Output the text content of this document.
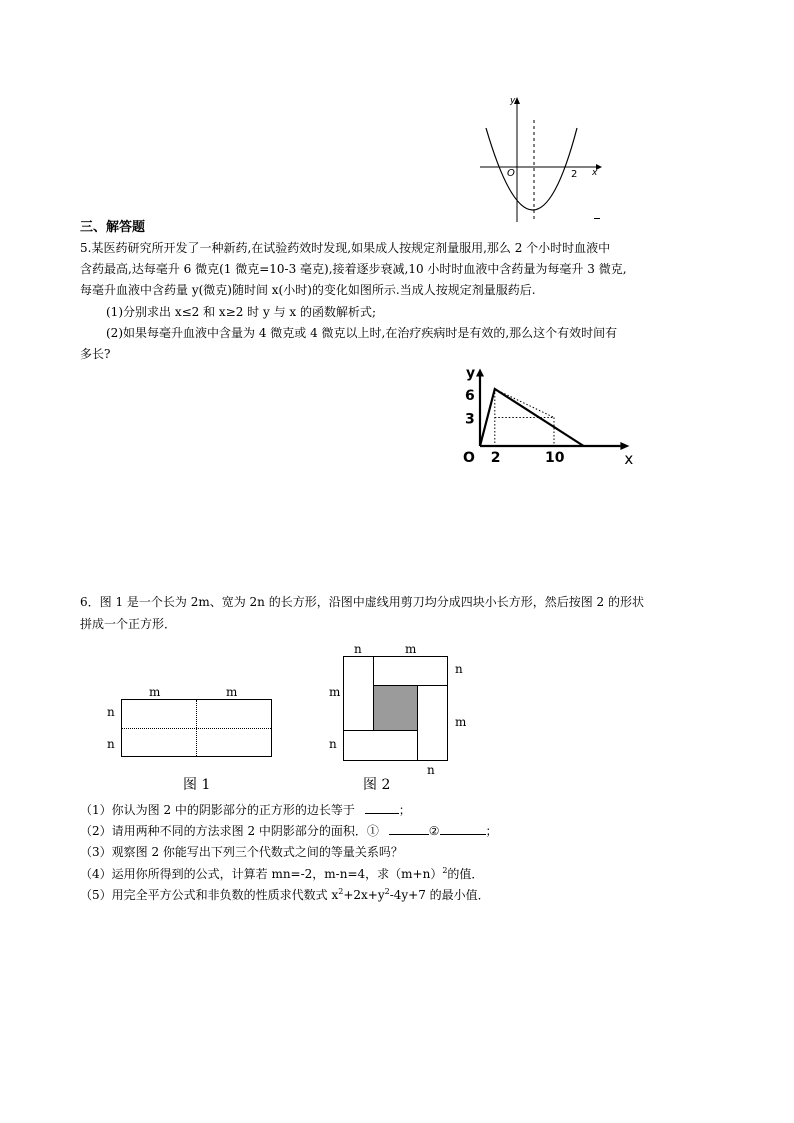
y
O	2 x
三、解答题
5.某医药研究所开发了一种新药,在试验药效时发现,如果成人按规定剂量服用,那么 2 个小时时血液中
含药最高,达每毫升 6 微克(1 微克=10-3 毫克),接着逐步衰减,10 小时时血液中含药量为每毫升 3 微克,
每毫升血液中含药量 y(微克)随时间 x(小时)的变化如图所示.当成人按规定剂量服药后.
(1)分别求出 x≤2 和 x≥2 时 y 与 x 的函数解析式;
(2)如果每毫升血液中含量为 4 微克或 4 微克以上时,在治疗疾病时是有效的,那么这个有效时间有
多长?
y
6
3
O 2	10	x
6．图 1 是一个长为 2m、宽为 2n 的长方形，沿图中虚线用剪刀均分成四块小长方形，然后按图 2 的形状
拼成一个正方形．
m	m
n
n
图 1
n	m
n
m
m
n
n
图 2
（1）你认为图 2 中的阴影部分的正方形的边长等于	；
（2）请用两种不同的方法求图 2 中阴影部分的面积．①	②	；
（3）观察图 2 你能写出下列三个代数式之间的等量关系吗？
（4）运用你所得到的公式，计算若 mn=-2，m-n=4，求$(m+n)^2$的值．
（5）用完全平方公式和非负数的性质求代数式 $x^2+2x+y^2-4y+7$ 的最小值．
